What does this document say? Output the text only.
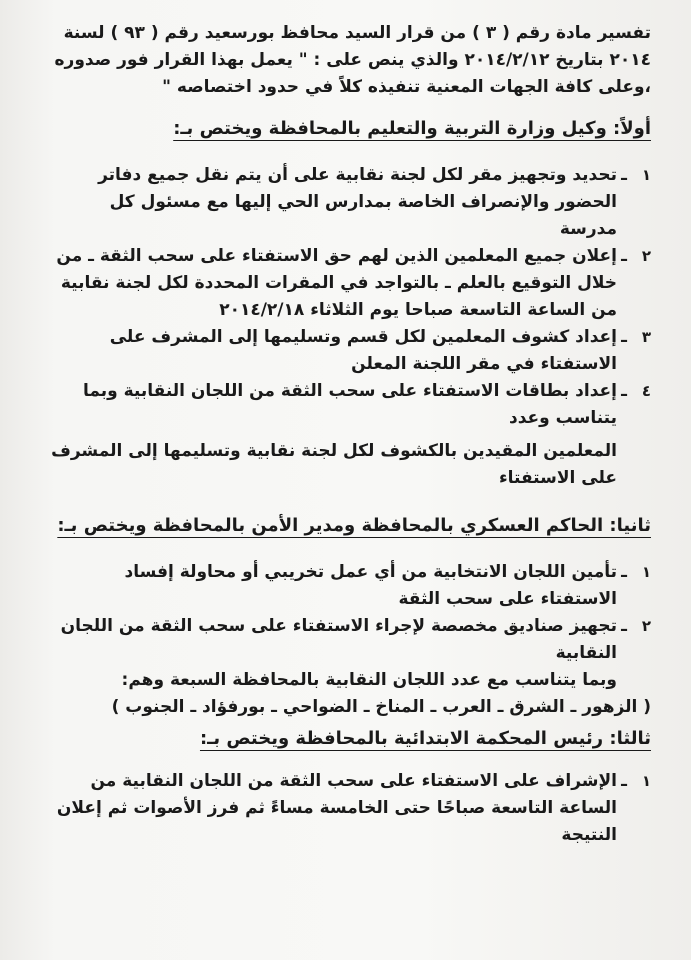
تفسير مادة رقم ( ٣ ) من قرار السيد محافظ بورسعيد رقم ( ٩٣ ) لسنة ٢٠١٤ بتاريخ ٢٠١٤/٢/١٢ والذي ينص على : " يعمل بهذا القرار فور صدوره ،وعلى كافة الجهات المعنية تنفيذه كلاً في حدود اختصاصه "

أولاً: وكيل وزارة التربية والتعليم بالمحافظة ويختص بـ:

١
ـ
تحديد وتجهيز مقر لكل لجنة نقابية على أن يتم نقل جميع دفاتر الحضور والإنصراف الخاصة بمدارس الحي إليها مع مسئول كل مدرسة
٢
ـ
إعلان جميع المعلمين الذين لهم حق الاستفتاء على سحب الثقة ـ من خلال التوقيع بالعلم ـ بالتواجد في المقرات المحددة لكل لجنة نقابية من الساعة التاسعة صباحا يوم الثلاثاء ٢٠١٤/٢/١٨
٣
ـ
إعداد كشوف المعلمين لكل قسم وتسليمها إلى المشرف على الاستفتاء في مقر اللجنة المعلن
٤
ـ
إعداد بطاقات الاستفتاء على سحب الثقة من اللجان النقابية وبما يتناسب وعدد

المعلمين المقيدين بالكشوف لكل لجنة نقابية وتسليمها إلى المشرف على الاستفتاء

ثانيا: الحاكم العسكري بالمحافظة ومدير الأمن بالمحافظة ويختص بـ:

١
ـ
تأمين اللجان الانتخابية من أي عمل تخريبي أو محاولة إفساد الاستفتاء على سحب الثقة
٢
ـ
تجهيز صناديق مخصصة لإجراء الاستفتاء على سحب الثقة من اللجان النقابية

وبما يتناسب مع عدد اللجان النقابية بالمحافظة السبعة وهم:

( الزهور ـ الشرق ـ العرب ـ المناخ ـ الضواحي ـ بورفؤاد ـ الجنوب )

ثالثا: رئيس المحكمة الابتدائية بالمحافظة ويختص بـ:

١
ـ
الإشراف على الاستفتاء على سحب الثقة من اللجان النقابية من الساعة التاسعة صباحًا حتى الخامسة مساءً ثم فرز الأصوات ثم إعلان النتيجة
